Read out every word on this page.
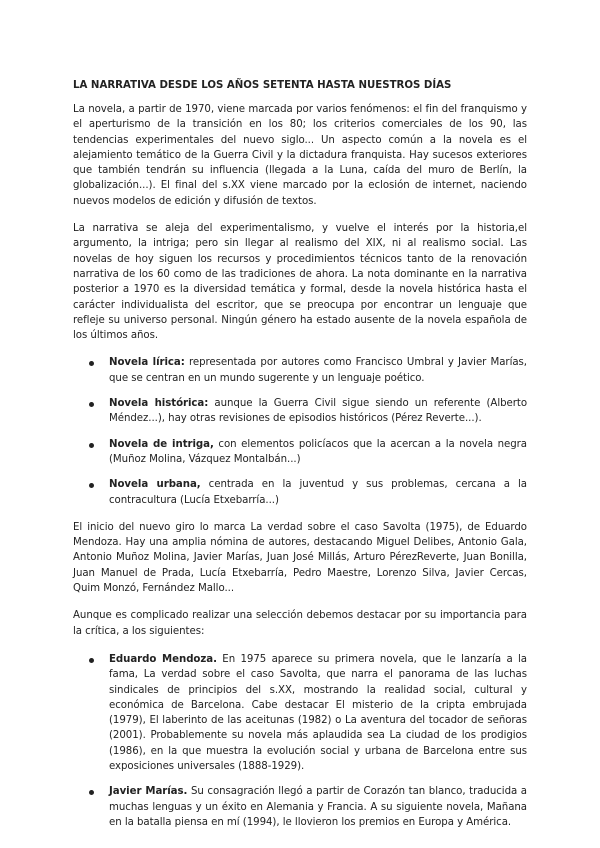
LA NARRATIVA DESDE LOS AÑOS SETENTA HASTA NUESTROS DÍAS

La novela, a partir de 1970, viene marcada por varios fenómenos: el fin del franquismo y el aperturismo de la transición en los 80; los criterios comerciales de los 90, las tendencias experimentales del nuevo siglo... Un aspecto común a la novela es el alejamiento temático de la Guerra Civil y la dictadura franquista. Hay sucesos exteriores que también tendrán su influencia (llegada a la Luna, caída del muro de Berlín, la globalización...). El final del s.XX viene marcado por la eclosión de internet, naciendo nuevos modelos de edición y difusión de textos.

La narrativa se aleja del experimentalismo, y vuelve el interés por la historia,el argumento, la intriga; pero sin llegar al realismo del XIX, ni al realismo social. Las novelas de hoy siguen los recursos y procedimientos técnicos tanto de la renovación narrativa de los 60 como de las tradiciones de ahora. La nota dominante en la narrativa posterior a 1970 es la diversidad temática y formal, desde la novela histórica hasta el carácter individualista del escritor, que se preocupa por encontrar un lenguaje que refleje su universo personal. Ningún género ha estado ausente de la novela española de los últimos años.

Novela lírica: representada por autores como Francisco Umbral y Javier Marías, que se centran en un mundo sugerente y un lenguaje poético.
Novela histórica: aunque la Guerra Civil sigue siendo un referente (Alberto Méndez...), hay otras revisiones de episodios históricos (Pérez Reverte...).
Novela de intriga, con elementos policíacos que la acercan a la novela negra (Muñoz Molina, Vázquez Montalbán...)
Novela urbana, centrada en la juventud y sus problemas, cercana a la contracultura (Lucía Etxebarría...)

El inicio del nuevo giro lo marca La verdad sobre el caso Savolta (1975), de Eduardo Mendoza. Hay una amplia nómina de autores, destacando Miguel Delibes, Antonio Gala, Antonio Muñoz Molina, Javier Marías, Juan José Millás, Arturo PérezReverte, Juan Bonilla, Juan Manuel de Prada, Lucía Etxebarría, Pedro Maestre, Lorenzo Silva, Javier Cercas, Quim Monzó, Fernández Mallo...

Aunque es complicado realizar una selección debemos destacar por su importancia para la crítica, a los siguientes:

Eduardo Mendoza. En 1975 aparece su primera novela, que le lanzaría a la fama, La verdad sobre el caso Savolta, que narra el panorama de las luchas sindicales de principios del s.XX, mostrando la realidad social, cultural y económica de Barcelona. Cabe destacar El misterio de la cripta embrujada (1979), El laberinto de las aceitunas (1982) o La aventura del tocador de señoras (2001). Probablemente su novela más aplaudida sea La ciudad de los prodigios (1986), en la que muestra la evolución social y urbana de Barcelona entre sus exposiciones universales (1888-1929).
Javier Marías. Su consagración llegó a partir de Corazón tan blanco, traducida a muchas lenguas y un éxito en Alemania y Francia. A su siguiente novela, Mañana en la batalla piensa en mí (1994), le llovieron los premios en Europa y América.
